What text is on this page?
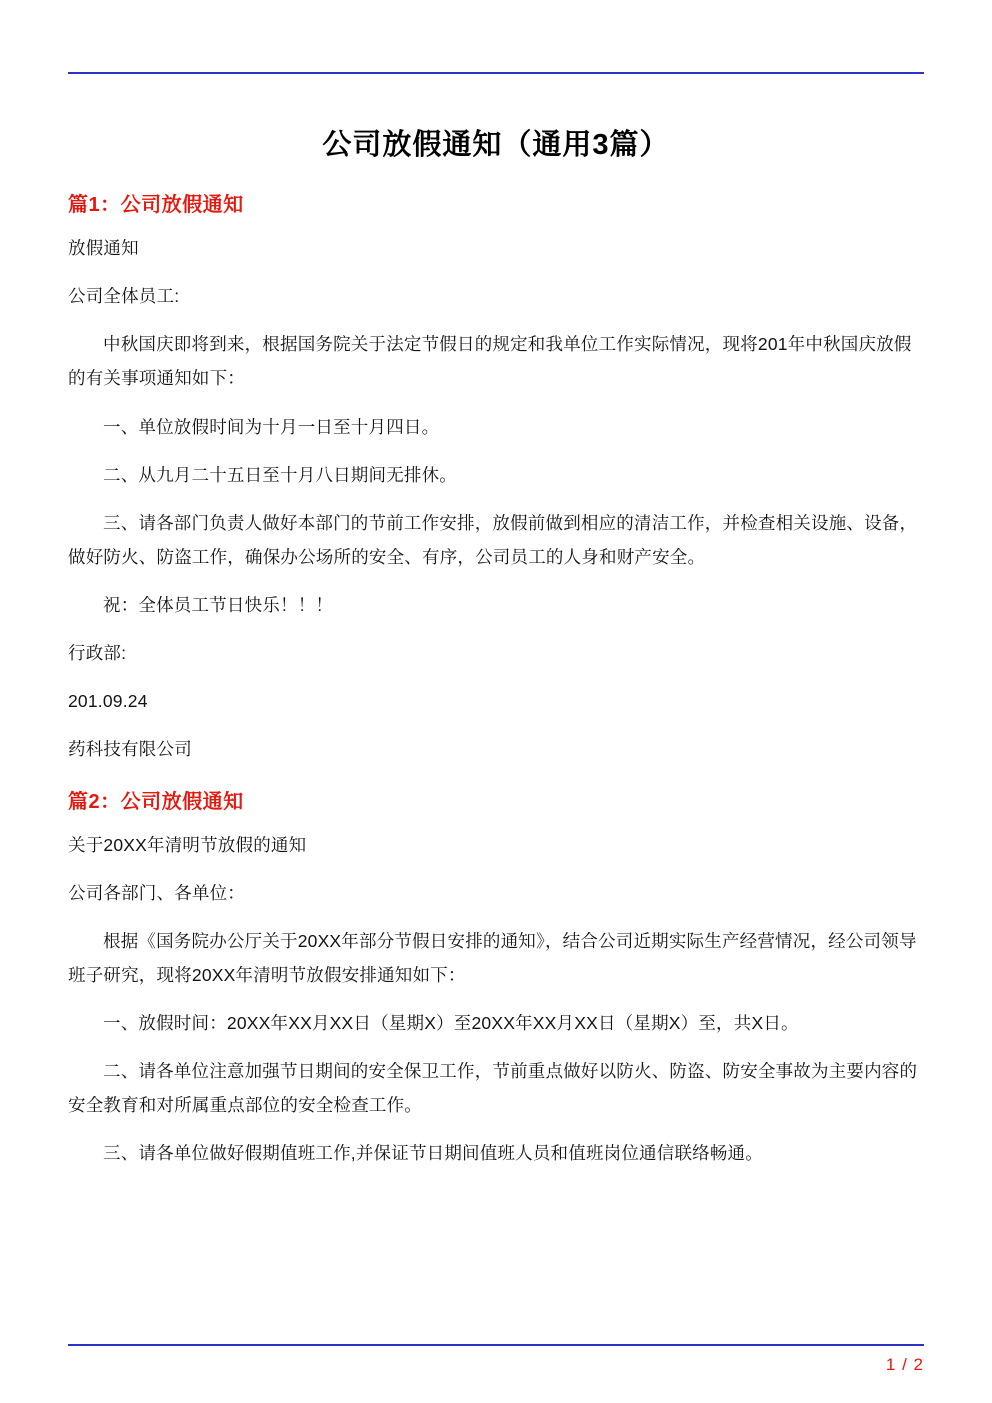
公司放假通知（通用3篇）
篇1：公司放假通知

放假通知

公司全体员工:

中秋国庆即将到来，根据国务院关于法定节假日的规定和我单位工作实际情况，现将201年中秋国庆放假的有关事项通知如下：

一、单位放假时间为十月一日至十月四日。

二、从九月二十五日至十月八日期间无排休。

三、请各部门负责人做好本部门的节前工作安排，放假前做到相应的清洁工作，并检查相关设施、设备，做好防火、防盗工作，确保办公场所的安全、有序，公司员工的人身和财产安全。

祝：全体员工节日快乐！！！

行政部:

201.09.24

药科技有限公司

篇2：公司放假通知

关于20XX年清明节放假的通知

公司各部门、各单位：

根据《国务院办公厅关于20XX年部分节假日安排的通知》，结合公司近期实际生产经营情况，经公司领导班子研究，现将20XX年清明节放假安排通知如下：

一、放假时间：20XX年XX月XX日（星期X）至20XX年XX月XX日（星期X）至，共X日。

二、请各单位注意加强节日期间的安全保卫工作，节前重点做好以防火、防盗、防安全事故为主要内容的安全教育和对所属重点部位的安全检查工作。

三、请各单位做好假期值班工作,并保证节日期间值班人员和值班岗位通信联络畅通。

1 / 2
